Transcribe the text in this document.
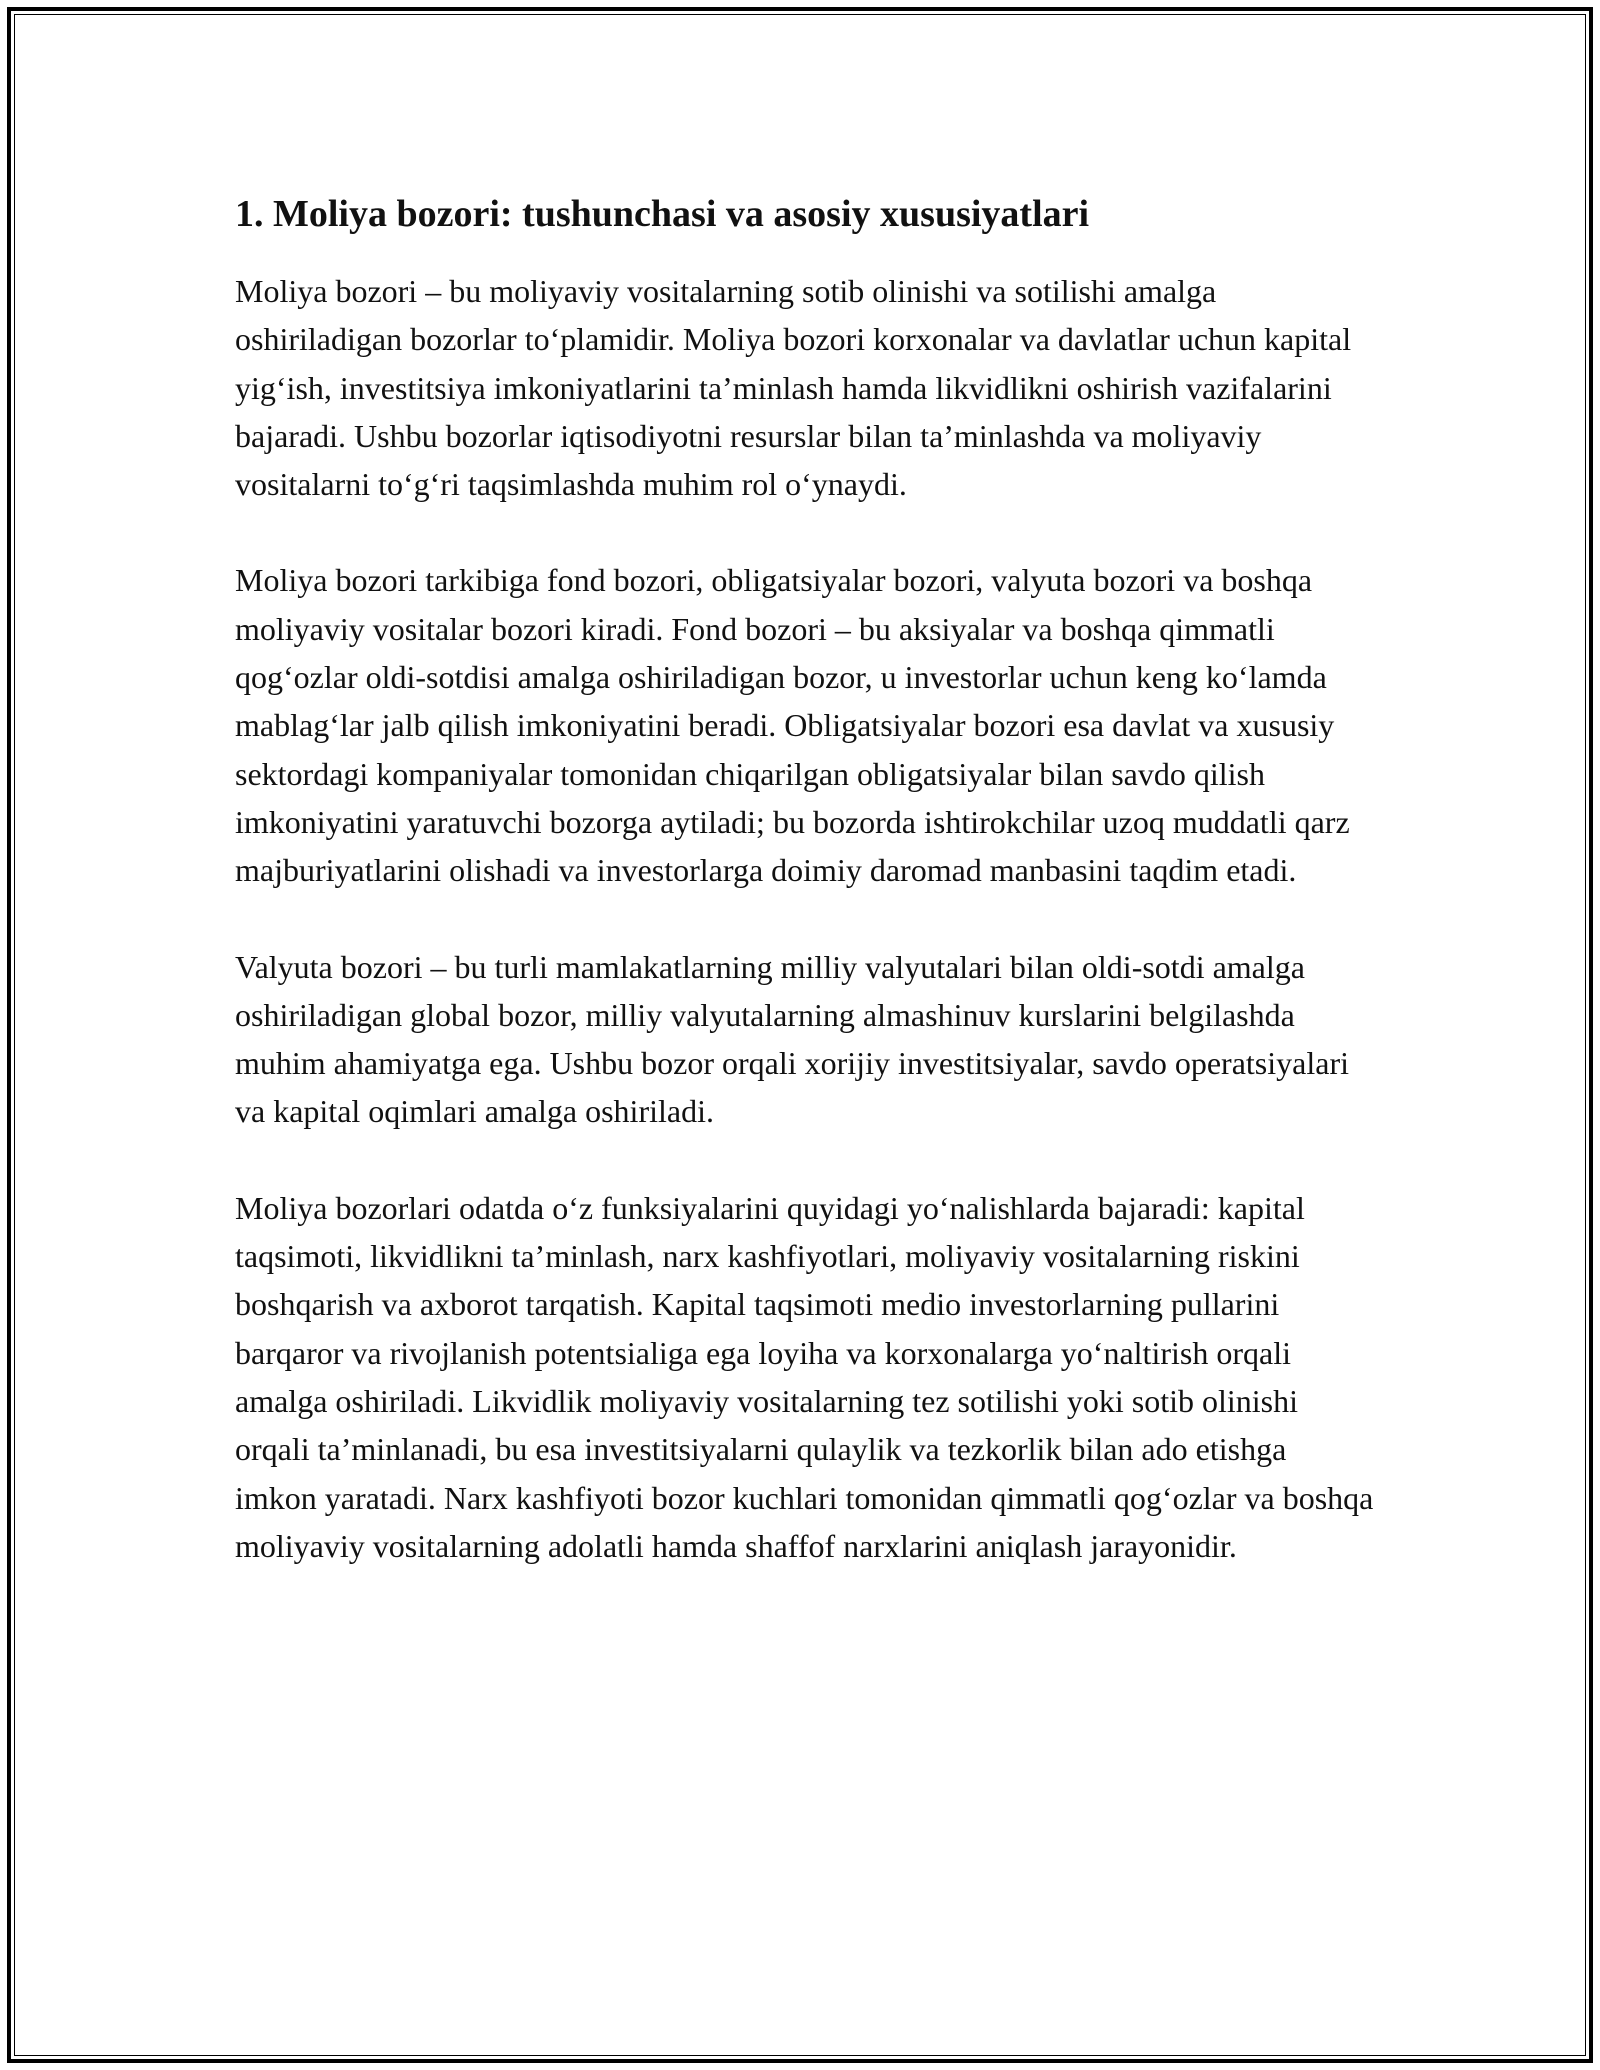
1. Moliya bozori: tushunchasi va asosiy xususiyatlari

Moliya bozori – bu moliyaviy vositalarning sotib olinishi va sotilishi amalga oshiriladigan bozorlar to‘plamidir. Moliya bozori korxonalar va davlatlar uchun kapital yig‘ish, investitsiya imkoniyatlarini ta’minlash hamda likvidlikni oshirish vazifalarini bajaradi. Ushbu bozorlar iqtisodiyotni resurslar bilan ta’minlashda va moliyaviy vositalarni to‘g‘ri taqsimlashda muhim rol o‘ynaydi.

Moliya bozori tarkibiga fond bozori, obligatsiyalar bozori, valyuta bozori va boshqa moliyaviy vositalar bozori kiradi. Fond bozori – bu aksiyalar va boshqa qimmatli qog‘ozlar oldi-sotdisi amalga oshiriladigan bozor, u investorlar uchun keng ko‘lamda mablag‘lar jalb qilish imkoniyatini beradi. Obligatsiyalar bozori esa davlat va xususiy sektordagi kompaniyalar tomonidan chiqarilgan obligatsiyalar bilan savdo qilish imkoniyatini yaratuvchi bozorga aytiladi; bu bozorda ishtirokchilar uzoq muddatli qarz majburiyatlarini olishadi va investorlarga doimiy daromad manbasini taqdim etadi.

Valyuta bozori – bu turli mamlakatlarning milliy valyutalari bilan oldi-sotdi amalga oshiriladigan global bozor, milliy valyutalarning almashinuv kurslarini belgilashda muhim ahamiyatga ega. Ushbu bozor orqali xorijiy investitsiyalar, savdo operatsiyalari va kapital oqimlari amalga oshiriladi.

Moliya bozorlari odatda o‘z funksiyalarini quyidagi yo‘nalishlarda bajaradi: kapital taqsimoti, likvidlikni ta’minlash, narx kashfiyotlari, moliyaviy vositalarning riskini boshqarish va axborot tarqatish. Kapital taqsimoti medio investorlarning pullarini barqaror va rivojlanish potentsialiga ega loyiha va korxonalarga yo‘naltirish orqali amalga oshiriladi. Likvidlik moliyaviy vositalarning tez sotilishi yoki sotib olinishi orqali ta’minlanadi, bu esa investitsiyalarni qulaylik va tezkorlik bilan ado etishga imkon yaratadi. Narx kashfiyoti bozor kuchlari tomonidan qimmatli qog‘ozlar va boshqa moliyaviy vositalarning adolatli hamda shaffof narxlarini aniqlash jarayonidir.
